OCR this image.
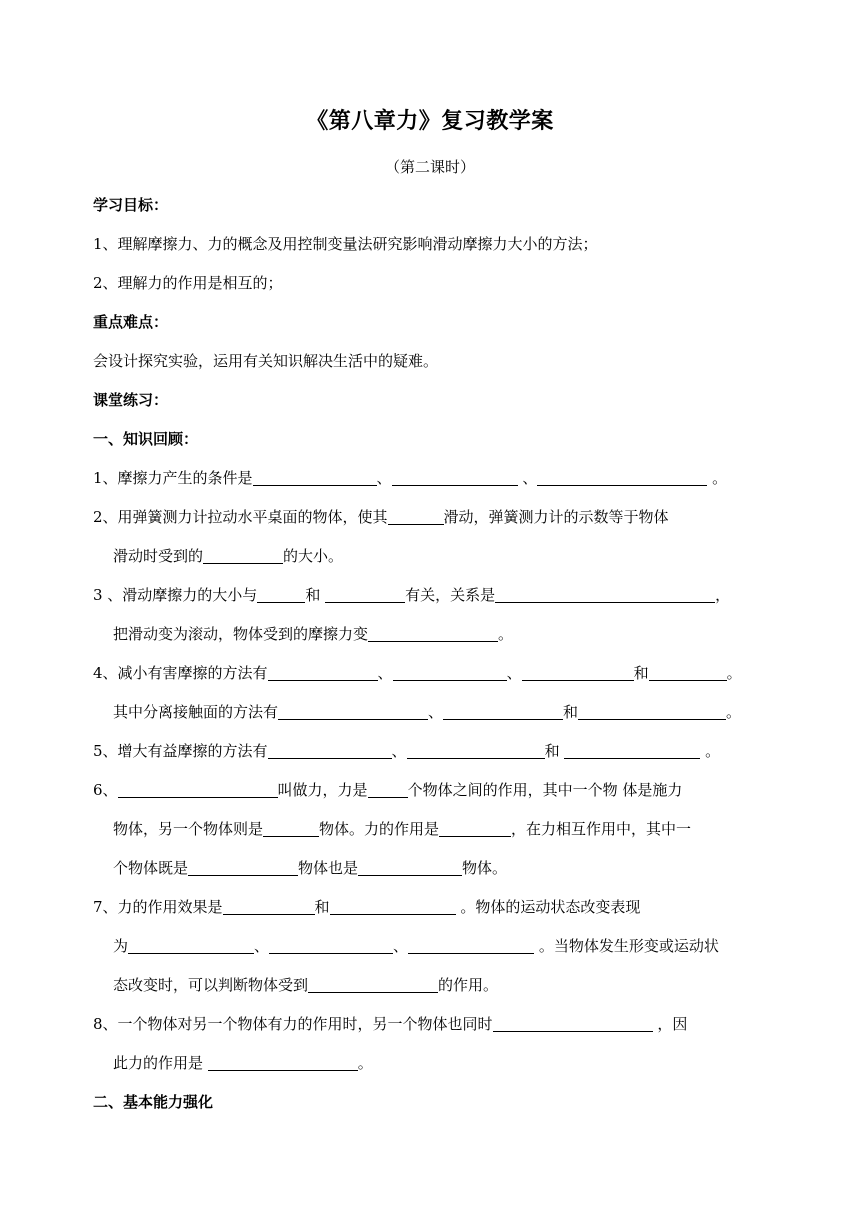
《第八章力》复习教学案
（第二课时）
学习目标：
1、理解摩擦力、力的概念及用控制变量法研究影响滑动摩擦力大小的方法；
2、理解力的作用是相互的；
重点难点：
会设计探究实验，运用有关知识解决生活中的疑难。
课堂练习：
一、知识回顾：
1、摩擦力产生的条件是	、	、	。
2、用弹簧测力计拉动水平桌面的物体，使其	滑动，弹簧测力计的示数等于物体
滑动时受到的	的大小。
3 、滑动摩擦力的大小与	和	有关，关系是	，
把滑动变为滚动，物体受到的摩擦力变	。
4、减小有害摩擦的方法有	、	、	和	。
其中分离接触面的方法有	、	和	。
5、增大有益摩擦的方法有	、	和	。
6、	叫做力，力是	个物体之间的作用，其中一个物 体是施力
物体，另一个物体则是	物体。力的作用是	，在力相互作用中，其中一
个物体既是	物体也是	物体。
7、力的作用效果是	和	。物体的运动状态改变表现
为	、	、	。当物体发生形变或运动状
态改变时，可以判断物体受到	的作用。
8、一个物体对另一个物体有力的作用时，另一个物体也同时	，因
此力的作用是	。
二、基本能力强化
